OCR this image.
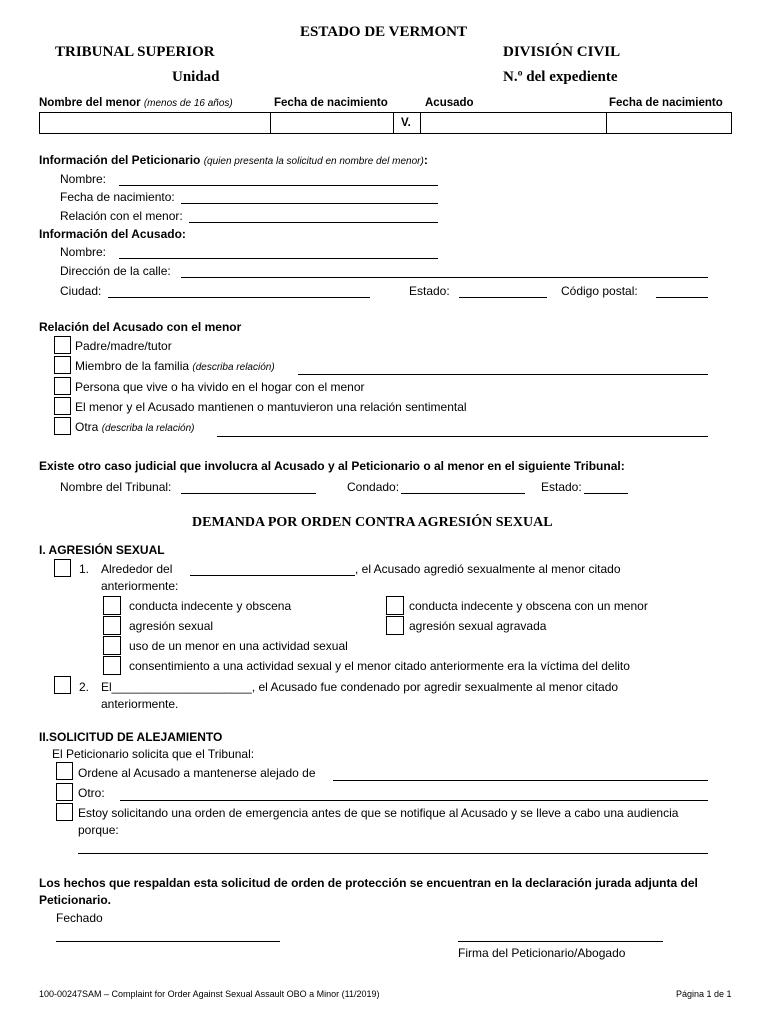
ESTADO DE VERMONT
TRIBUNAL SUPERIOR
Unidad
DIVISIÓN CIVIL
N.º del expediente
Nombre del menor (menos de 16 años)	Fecha de nacimiento	Acusado	Fecha de nacimiento
V.
Información del Peticionario (quien presenta la solicitud en nombre del menor):
Nombre:
Fecha de nacimiento:
Relación con el menor:
Información del Acusado:
Nombre:
Dirección de la calle:
Ciudad:	Estado:	Código postal:
Relación del Acusado con el menor
Padre/madre/tutor
Miembro de la familia (describa relación)
Persona que vive o ha vivido en el hogar con el menor
El menor y el Acusado mantienen o mantuvieron una relación sentimental
Otra (describa la relación)
Existe otro caso judicial que involucra al Acusado y al Peticionario o al menor en el siguiente Tribunal:
Nombre del Tribunal:	Condado:	Estado:
DEMANDA POR ORDEN CONTRA AGRESIÓN SEXUAL
I. AGRESIÓN SEXUAL
1. Alrededor del	, el Acusado agredió sexualmente al menor citado
anteriormente:
conducta indecente y obscena	conducta indecente y obscena con un menor
agresión sexual	agresión sexual agravada
uso de un menor en una actividad sexual
consentimiento a una actividad sexual y el menor citado anteriormente era la víctima del delito
2. El_____________________, el Acusado fue condenado por agredir sexualmente al menor citado
anteriormente.
II.SOLICITUD DE ALEJAMIENTO
El Peticionario solicita que el Tribunal:
Ordene al Acusado a mantenerse alejado de
Otro:
Estoy solicitando una orden de emergencia antes de que se notifique al Acusado y se lleve a cabo una audiencia
porque:
Los hechos que respaldan esta solicitud de orden de protección se encuentran en la declaración jurada adjunta del
Peticionario.
Fechado
Firma del Peticionario/Abogado
100-00247SAM – Complaint for Order Against Sexual Assault OBO a Minor (11/2019)	Página 1 de 1
